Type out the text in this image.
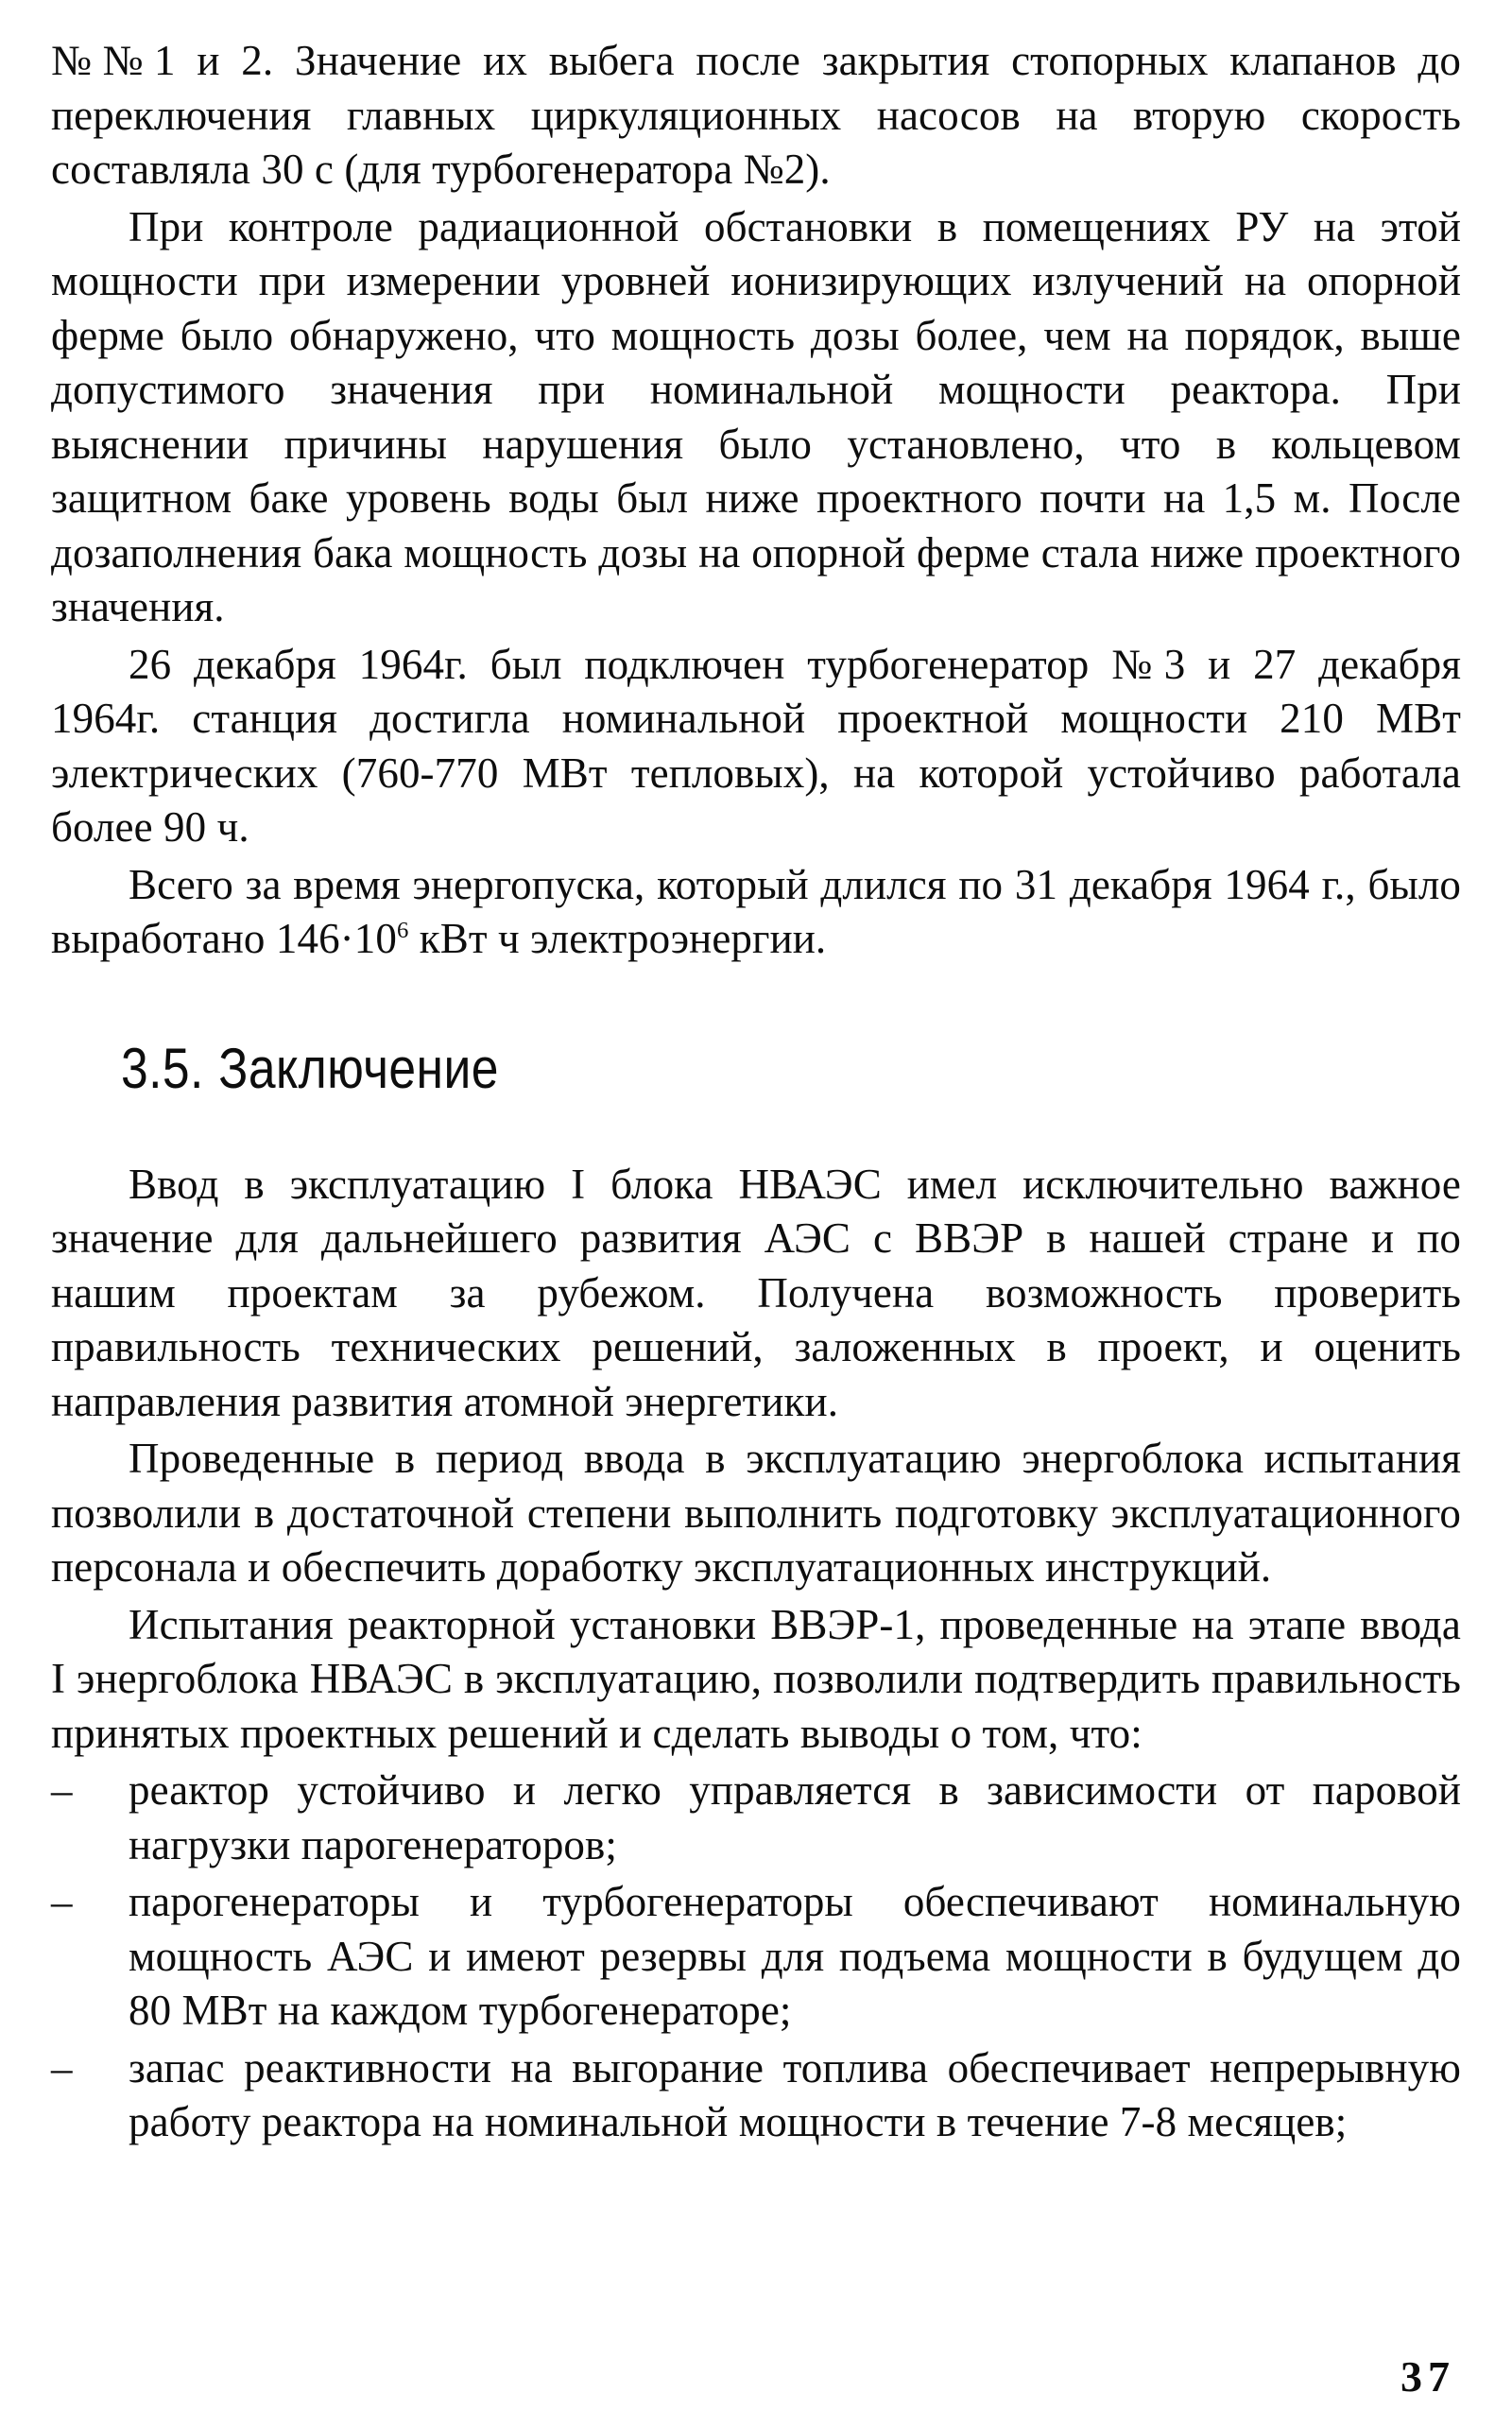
№№1 и 2. Значение их выбега после закрытия стопорных клапанов до переключения главных циркуляционных насосов на вторую скорость составляла 30 с (для турбогенератора №2).

При контроле радиационной обстановки в помещениях РУ на этой мощности при измерении уровней ионизирующих излучений на опорной ферме было обнаружено, что мощность дозы более, чем на порядок, выше допустимого значения при номинальной мощности реактора. При выяснении причины нарушения было установлено, что в кольцевом защитном баке уровень воды был ниже проектного почти на 1,5 м. После дозаполнения бака мощность дозы на опорной ферме стала ниже проектного значения.

26 декабря 1964г. был подключен турбогенератор №3 и 27 декабря 1964г. станция достигла номинальной проектной мощности 210 МВт электрических (760-770 МВт тепловых), на которой устойчиво работала более 90 ч.

Всего за время энергопуска, который длился по 31 декабря 1964 г., было выработано $146\cdot 10^6$ кВт ч электроэнергии.

3.5. Заключение

Ввод в эксплуатацию I блока НВАЭС имел исключительно важное значение для дальнейшего развития АЭС с ВВЭР в нашей стране и по нашим проектам за рубежом. Получена возможность проверить правильность технических решений, заложенных в проект, и оценить направления развития атомной энергетики.

Проведенные в период ввода в эксплуатацию энергоблока испытания позволили в достаточной степени выполнить подготовку эксплуатационного персонала и обеспечить доработку эксплуатационных инструкций.

Испытания реакторной установки ВВЭР-1, проведенные на этапе ввода I энергоблока НВАЭС в эксплуатацию, позволили подтвердить правильность принятых проектных решений и сделать выводы о том, что:

– реактор устойчиво и легко управляется в зависимости от паровой нагрузки парогенераторов;
– парогенераторы и турбогенераторы обеспечивают номинальную мощность АЭС и имеют резервы для подъема мощности в будущем до 80 МВт на каждом турбогенераторе;
– запас реактивности на выгорание топлива обеспечивает непрерывную работу реактора на номинальной мощности в течение 7-8 месяцев;
37
